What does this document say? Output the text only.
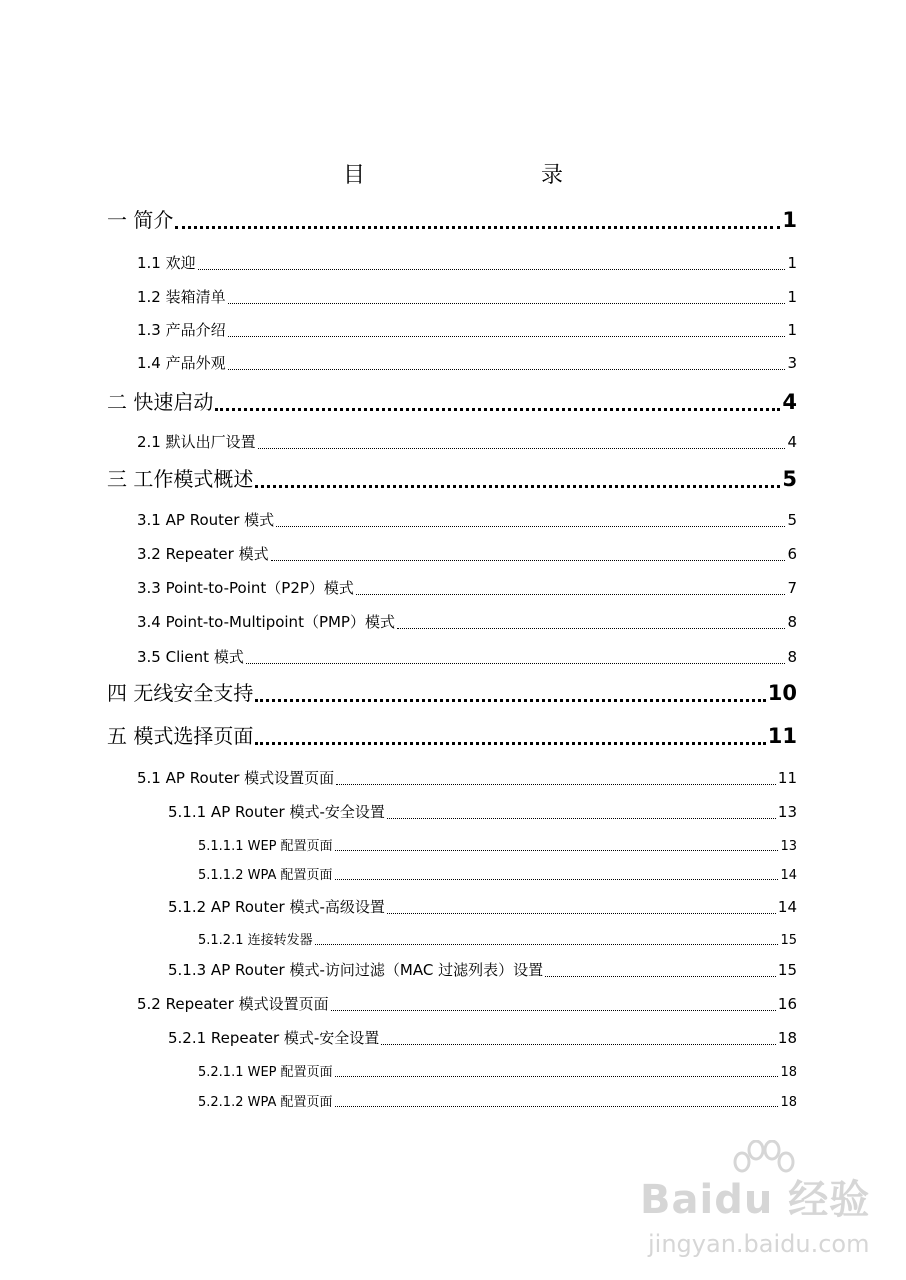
目　　录
一 简介	1
1.1 欢迎	1
1.2 装箱清单	1
1.3 产品介绍	1
1.4 产品外观	3
二 快速启动	4
2.1 默认出厂设置	4
三 工作模式概述	5
3.1 AP Router 模式	5
3.2 Repeater 模式	6
3.3 Point-to-Point（P2P）模式	7
3.4 Point-to-Multipoint（PMP）模式	8
3.5 Client 模式	8
四 无线安全支持	10
五 模式选择页面	11
5.1 AP Router 模式设置页面	11
5.1.1 AP Router 模式-安全设置	13
5.1.1.1 WEP 配置页面	13
5.1.1.2 WPA 配置页面	14
5.1.2 AP Router 模式-高级设置	14
5.1.2.1 连接转发器	15
5.1.3 AP Router 模式-访问过滤（MAC 过滤列表）设置	15
5.2 Repeater 模式设置页面	16
5.2.1 Repeater 模式-安全设置	18
5.2.1.1 WEP 配置页面	18
5.2.1.2 WPA 配置页面	18
Baidu 经验
jingyan.baidu.com
